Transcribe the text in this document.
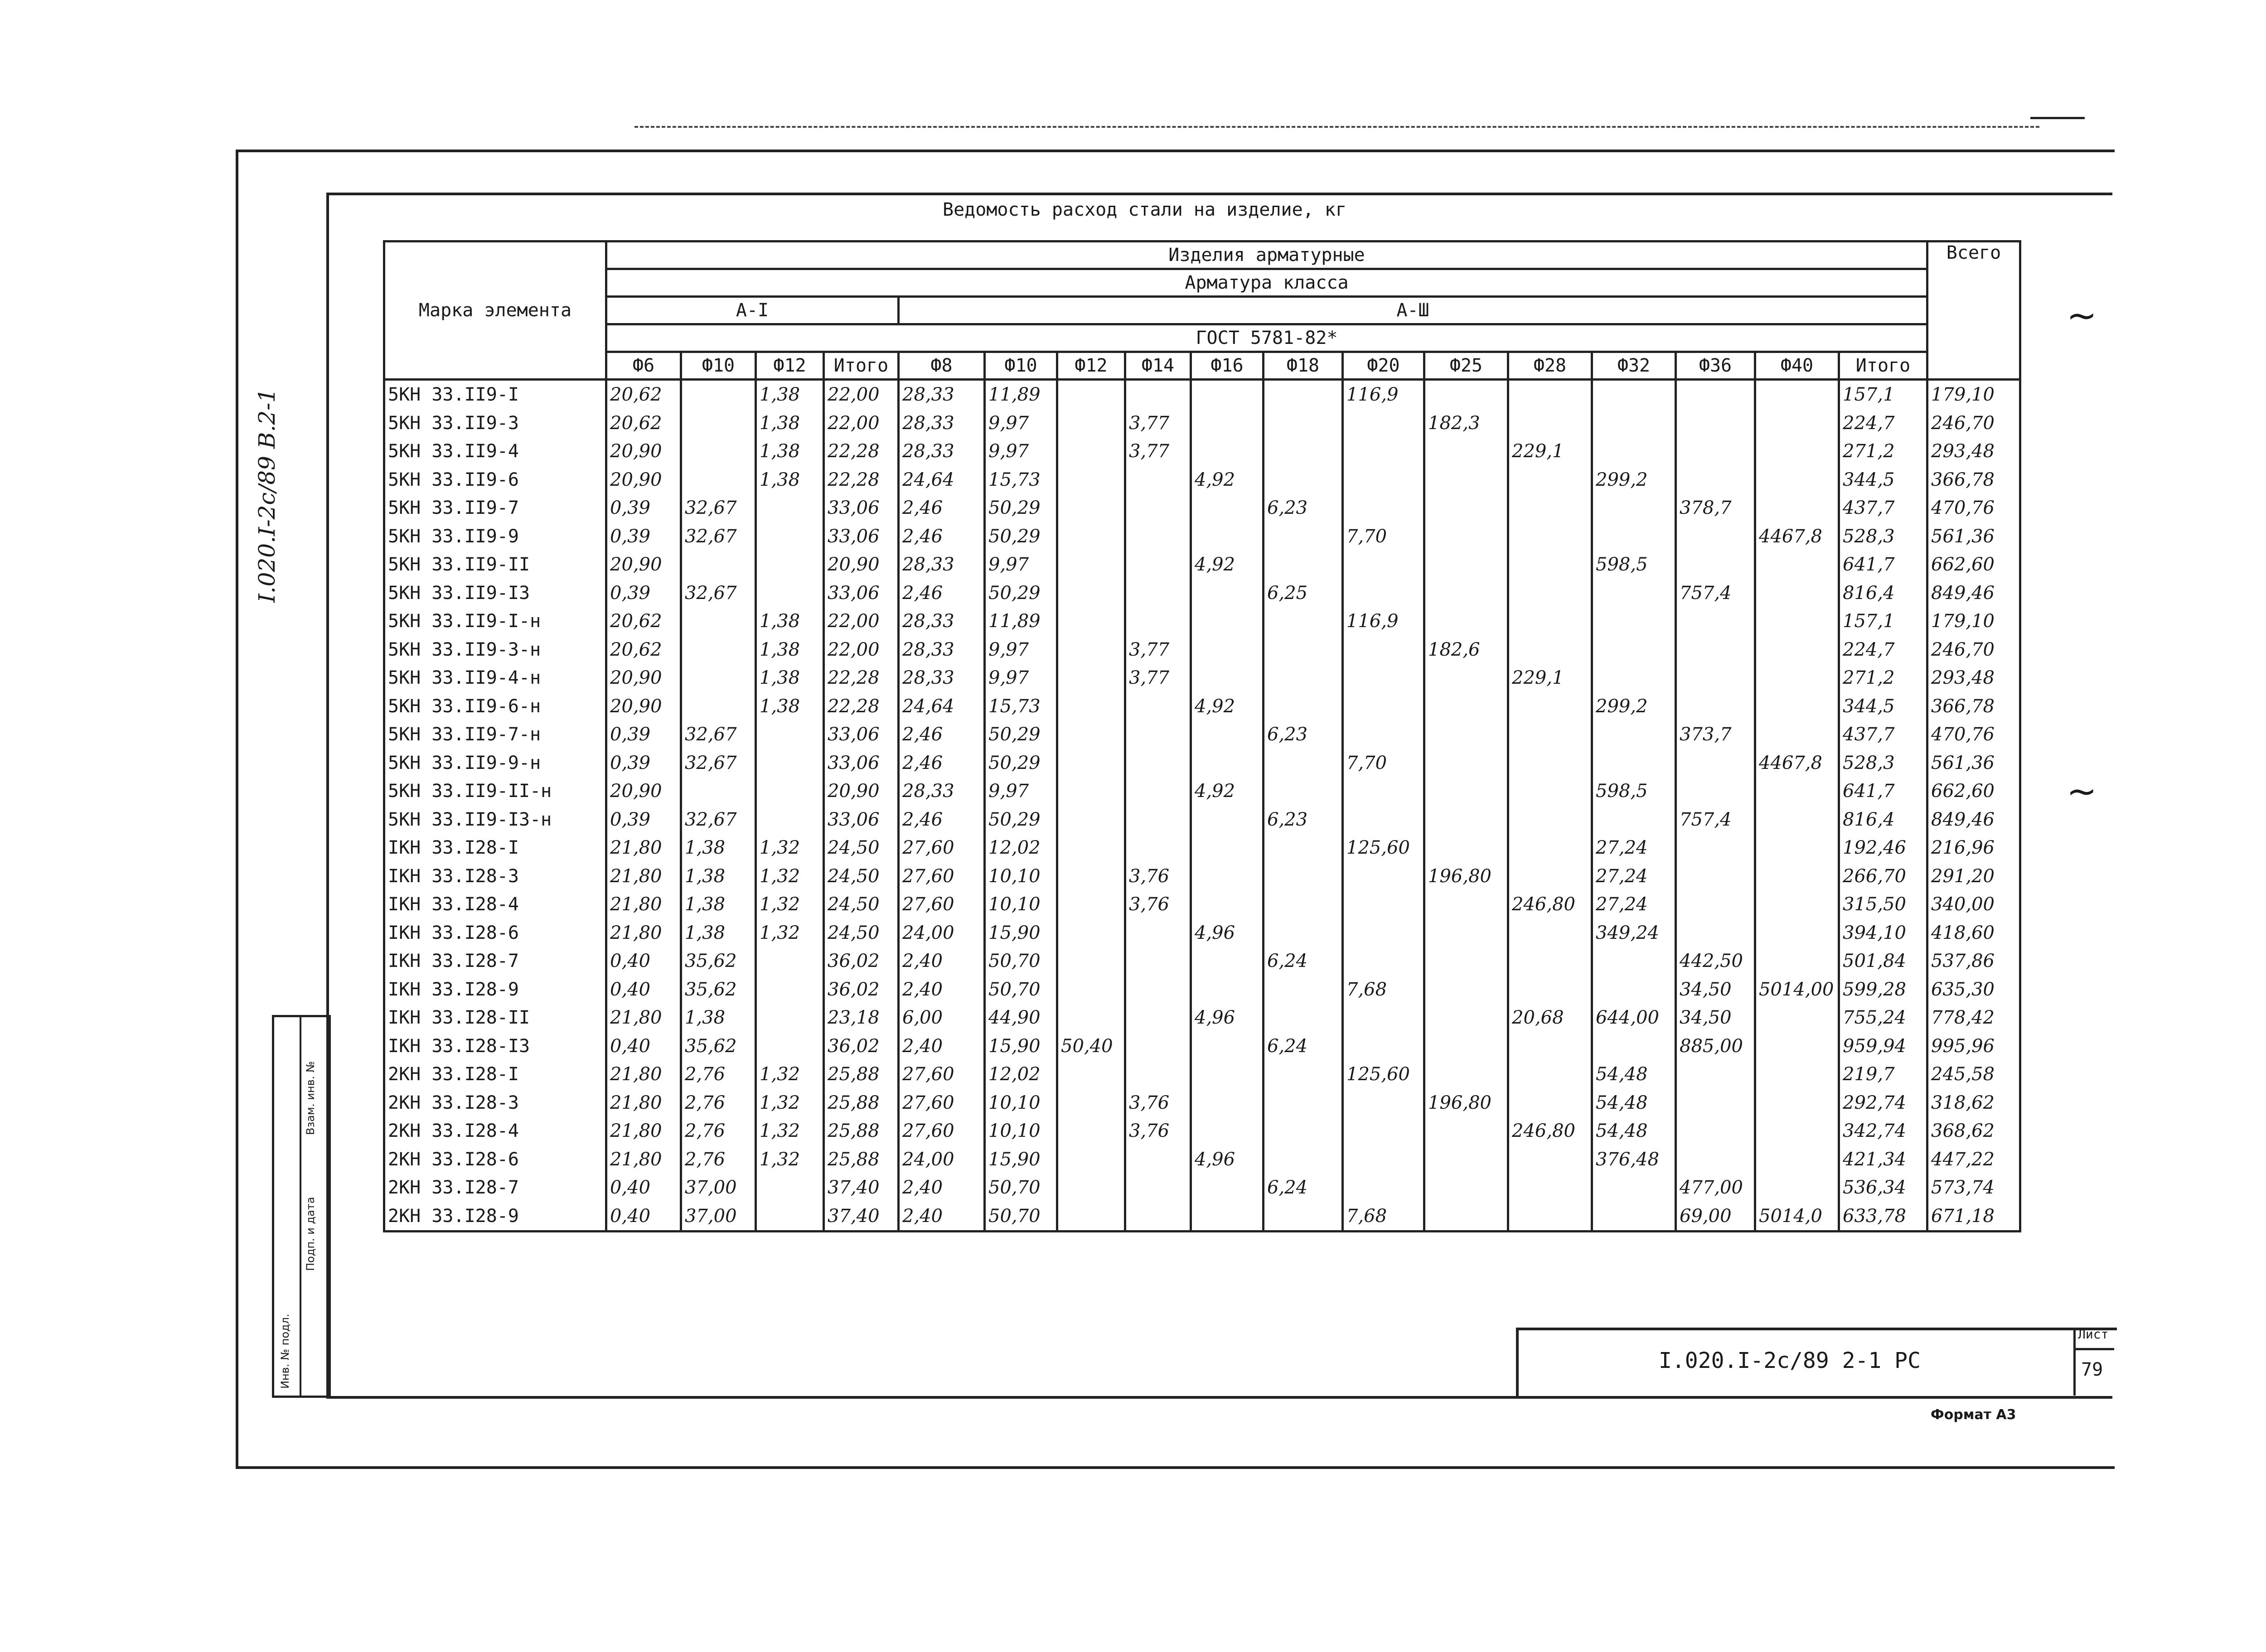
I.020.I-2c/89 В.2-1
Ведомость расход стали на изделие, кг
Марка элемента	Изделия арматурные																	Всего
	Арматура класса																	
	А-I				А-Ш													
	ГОСТ 5781-82*																	
	Ф6	Ф10	Ф12	Итого	Ф8	Ф10	Ф12	Ф14	Ф16	Ф18	Ф20	Ф25	Ф28	Ф32	Ф36	Ф40	Итого	
5КН 33.II9-I	20,62		1,38	22,00	28,33	11,89					116,9						157,1	179,10
5КН 33.II9-3	20,62		1,38	22,00	28,33	9,97		3,77				182,3					224,7	246,70
5КН 33.II9-4	20,90		1,38	22,28	28,33	9,97		3,77					229,1				271,2	293,48
5КН 33.II9-6	20,90		1,38	22,28	24,64	15,73			4,92					299,2			344,5	366,78
5КН 33.II9-7	0,39	32,67		33,06	2,46	50,29				6,23					378,7		437,7	470,76
5КН 33.II9-9	0,39	32,67		33,06	2,46	50,29					7,70					4467,8	528,3	561,36
5КН 33.II9-II	20,90			20,90	28,33	9,97			4,92					598,5			641,7	662,60
5КН 33.II9-I3	0,39	32,67		33,06	2,46	50,29				6,25					757,4		816,4	849,46
5КН 33.II9-I-н	20,62		1,38	22,00	28,33	11,89					116,9						157,1	179,10
5КН 33.II9-3-н	20,62		1,38	22,00	28,33	9,97		3,77				182,6					224,7	246,70
5КН 33.II9-4-н	20,90		1,38	22,28	28,33	9,97		3,77					229,1				271,2	293,48
5КН 33.II9-6-н	20,90		1,38	22,28	24,64	15,73			4,92					299,2			344,5	366,78
5КН 33.II9-7-н	0,39	32,67		33,06	2,46	50,29				6,23					373,7		437,7	470,76
5КН 33.II9-9-н	0,39	32,67		33,06	2,46	50,29					7,70					4467,8	528,3	561,36
5КН 33.II9-II-н	20,90			20,90	28,33	9,97			4,92					598,5			641,7	662,60
5КН 33.II9-I3-н	0,39	32,67		33,06	2,46	50,29				6,23					757,4		816,4	849,46
IКН 33.I28-I	21,80	1,38	1,32	24,50	27,60	12,02					125,60			27,24			192,46	216,96
IКН 33.I28-3	21,80	1,38	1,32	24,50	27,60	10,10		3,76				196,80		27,24			266,70	291,20
IКН 33.I28-4	21,80	1,38	1,32	24,50	27,60	10,10		3,76					246,80	27,24			315,50	340,00
IКН 33.I28-6	21,80	1,38	1,32	24,50	24,00	15,90			4,96					349,24			394,10	418,60
IКН 33.I28-7	0,40	35,62		36,02	2,40	50,70				6,24					442,50		501,84	537,86
IКН 33.I28-9	0,40	35,62		36,02	2,40	50,70					7,68				34,50	5014,00	599,28	635,30
IКН 33.I28-II	21,80	1,38		23,18	6,00	44,90			4,96				20,68	644,00	34,50		755,24	778,42
IКН 33.I28-I3	0,40	35,62		36,02	2,40	15,90	50,40			6,24					885,00		959,94	995,96
2КН 33.I28-I	21,80	2,76	1,32	25,88	27,60	12,02					125,60			54,48			219,7	245,58
2КН 33.I28-3	21,80	2,76	1,32	25,88	27,60	10,10		3,76				196,80		54,48			292,74	318,62
2КН 33.I28-4	21,80	2,76	1,32	25,88	27,60	10,10		3,76					246,80	54,48			342,74	368,62
2КН 33.I28-6	21,80	2,76	1,32	25,88	24,00	15,90			4,96					376,48			421,34	447,22
2КН 33.I28-7	0,40	37,00		37,40	2,40	50,70				6,24					477,00		536,34	573,74
2КН 33.I28-9	0,40	37,00		37,40	2,40	50,70					7,68				69,00	5014,0	633,78	671,18
~
~
Инв. № подл.
Подп. и дата
Взам. инв. №
I.020.I-2c/89 2-1 РС
Лист
79
Формат А3
